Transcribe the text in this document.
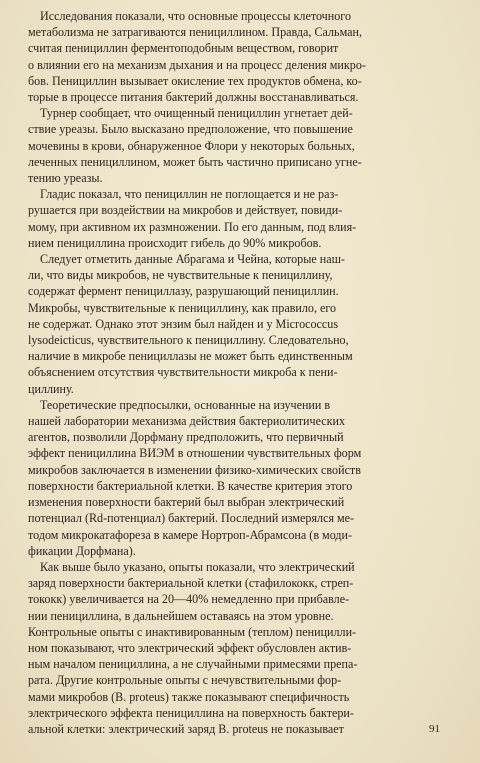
Исследования показали, что основные процессы клеточного
метаболизма не затрагиваются пенициллином. Правда, Сальман,
считая пенициллин ферментоподобным веществом, говорит
о влиянии его на механизм дыхания и на процесс деления микро-
бов. Пенициллин вызывает окисление тех продуктов обмена, ко-
торые в процессе питания бактерий должны восстанавливаться.
Турнер сообщает, что очищенный пенициллин угнетает дей-
ствие уреазы. Было высказано предположение, что повышение
мочевины в крови, обнаруженное Флори у некоторых больных,
леченных пенициллином, может быть частично приписано угне-
тению уреазы.
Гладис показал, что пенициллин не поглощается и не раз-
рушается при воздействии на микробов и действует, повиди-
мому, при активном их размножении. По его данным, под влия-
нием пенициллина происходит гибель до 90% микробов.
Следует отметить данные Абрагама и Чейна, которые наш-
ли, что виды микробов, не чувствительные к пенициллину,
содержат фермент пенициллазу, разрушающий пенициллин.
Микробы, чувствительные к пенициллину, как правило, его
не содержат. Однако этот энзим был найден и у Micrococcus
lysodeicticus, чувствительного к пенициллину. Следовательно,
наличие в микробе пенициллазы не может быть единственным
объяснением отсутствия чувствительности микроба к пени-
циллину.
Теоретические предпосылки, основанные на изучении в
нашей лаборатории механизма действия бактериолитических
агентов, позволили Дорфману предположить, что первичный
эффект пенициллина ВИЭМ в отношении чувствительных форм
микробов заключается в изменении физико-химических свойств
поверхности бактериальной клетки. В качестве критерия этого
изменения поверхности бактерий был выбран электрический
потенциал (Rd-потенциал) бактерий. Последний измерялся ме-
тодом микрокатафореза в камере Нортроп-Абрамсона (в моди-
фикации Дорфмана).
Как выше было указано, опыты показали, что электрический
заряд поверхности бактериальной клетки (стафилококк, стреп-
тококк) увеличивается на 20—40% немедленно при прибавле-
нии пенициллина, в дальнейшем оставаясь на этом уровне.
Контрольные опыты с инактивированным (теплом) пеницилли-
ном показывают, что электрический эффект обусловлен актив-
ным началом пенициллина, а не случайными примесями препа-
рата. Другие контрольные опыты с нечувствительными фор-
мами микробов (B. proteus) также показывают специфичность
электрического эффекта пенициллина на поверхность бактери-
альной клетки: электрический заряд B. proteus не показывает	91
